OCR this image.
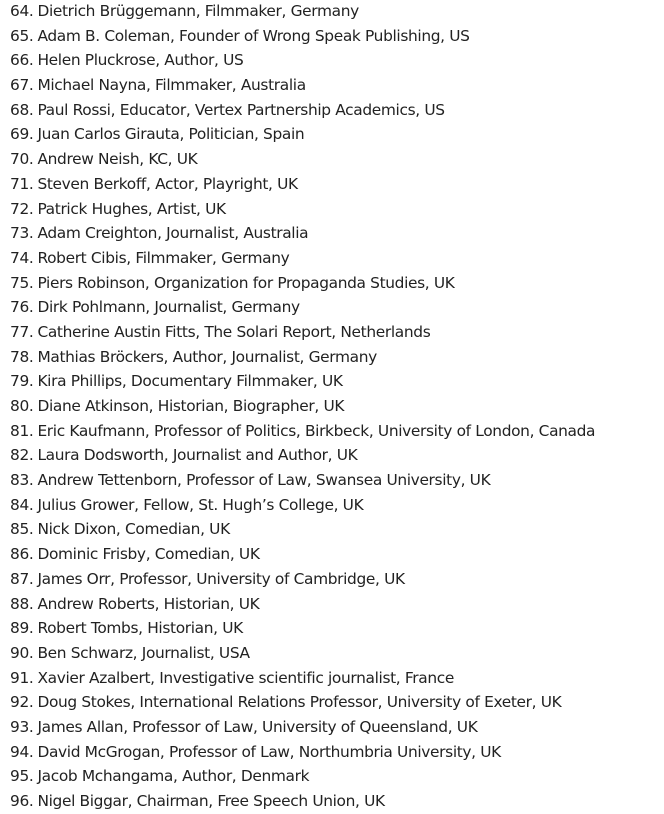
64. Dietrich Brüggemann, Filmmaker, Germany
65. Adam B. Coleman, Founder of Wrong Speak Publishing, US
66. Helen Pluckrose, Author, US
67. Michael Nayna, Filmmaker, Australia
68. Paul Rossi, Educator, Vertex Partnership Academics, US
69. Juan Carlos Girauta, Politician, Spain
70. Andrew Neish, KC, UK
71. Steven Berkoff, Actor, Playright, UK
72. Patrick Hughes, Artist, UK
73. Adam Creighton, Journalist, Australia
74. Robert Cibis, Filmmaker, Germany
75. Piers Robinson, Organization for Propaganda Studies, UK
76. Dirk Pohlmann, Journalist, Germany
77. Catherine Austin Fitts, The Solari Report, Netherlands
78. Mathias Bröckers, Author, Journalist, Germany
79. Kira Phillips, Documentary Filmmaker, UK
80. Diane Atkinson, Historian, Biographer, UK
81. Eric Kaufmann, Professor of Politics, Birkbeck, University of London, Canada
82. Laura Dodsworth, Journalist and Author, UK
83. Andrew Tettenborn, Professor of Law, Swansea University, UK
84. Julius Grower, Fellow, St. Hugh’s College, UK
85. Nick Dixon, Comedian, UK
86. Dominic Frisby, Comedian, UK
87. James Orr, Professor, University of Cambridge, UK
88. Andrew Roberts, Historian, UK
89. Robert Tombs, Historian, UK
90. Ben Schwarz, Journalist, USA
91. Xavier Azalbert, Investigative scientific journalist, France
92. Doug Stokes, International Relations Professor, University of Exeter, UK
93. James Allan, Professor of Law, University of Queensland, UK
94. David McGrogan, Professor of Law, Northumbria University, UK
95. Jacob Mchangama, Author, Denmark
96. Nigel Biggar, Chairman, Free Speech Union, UK
